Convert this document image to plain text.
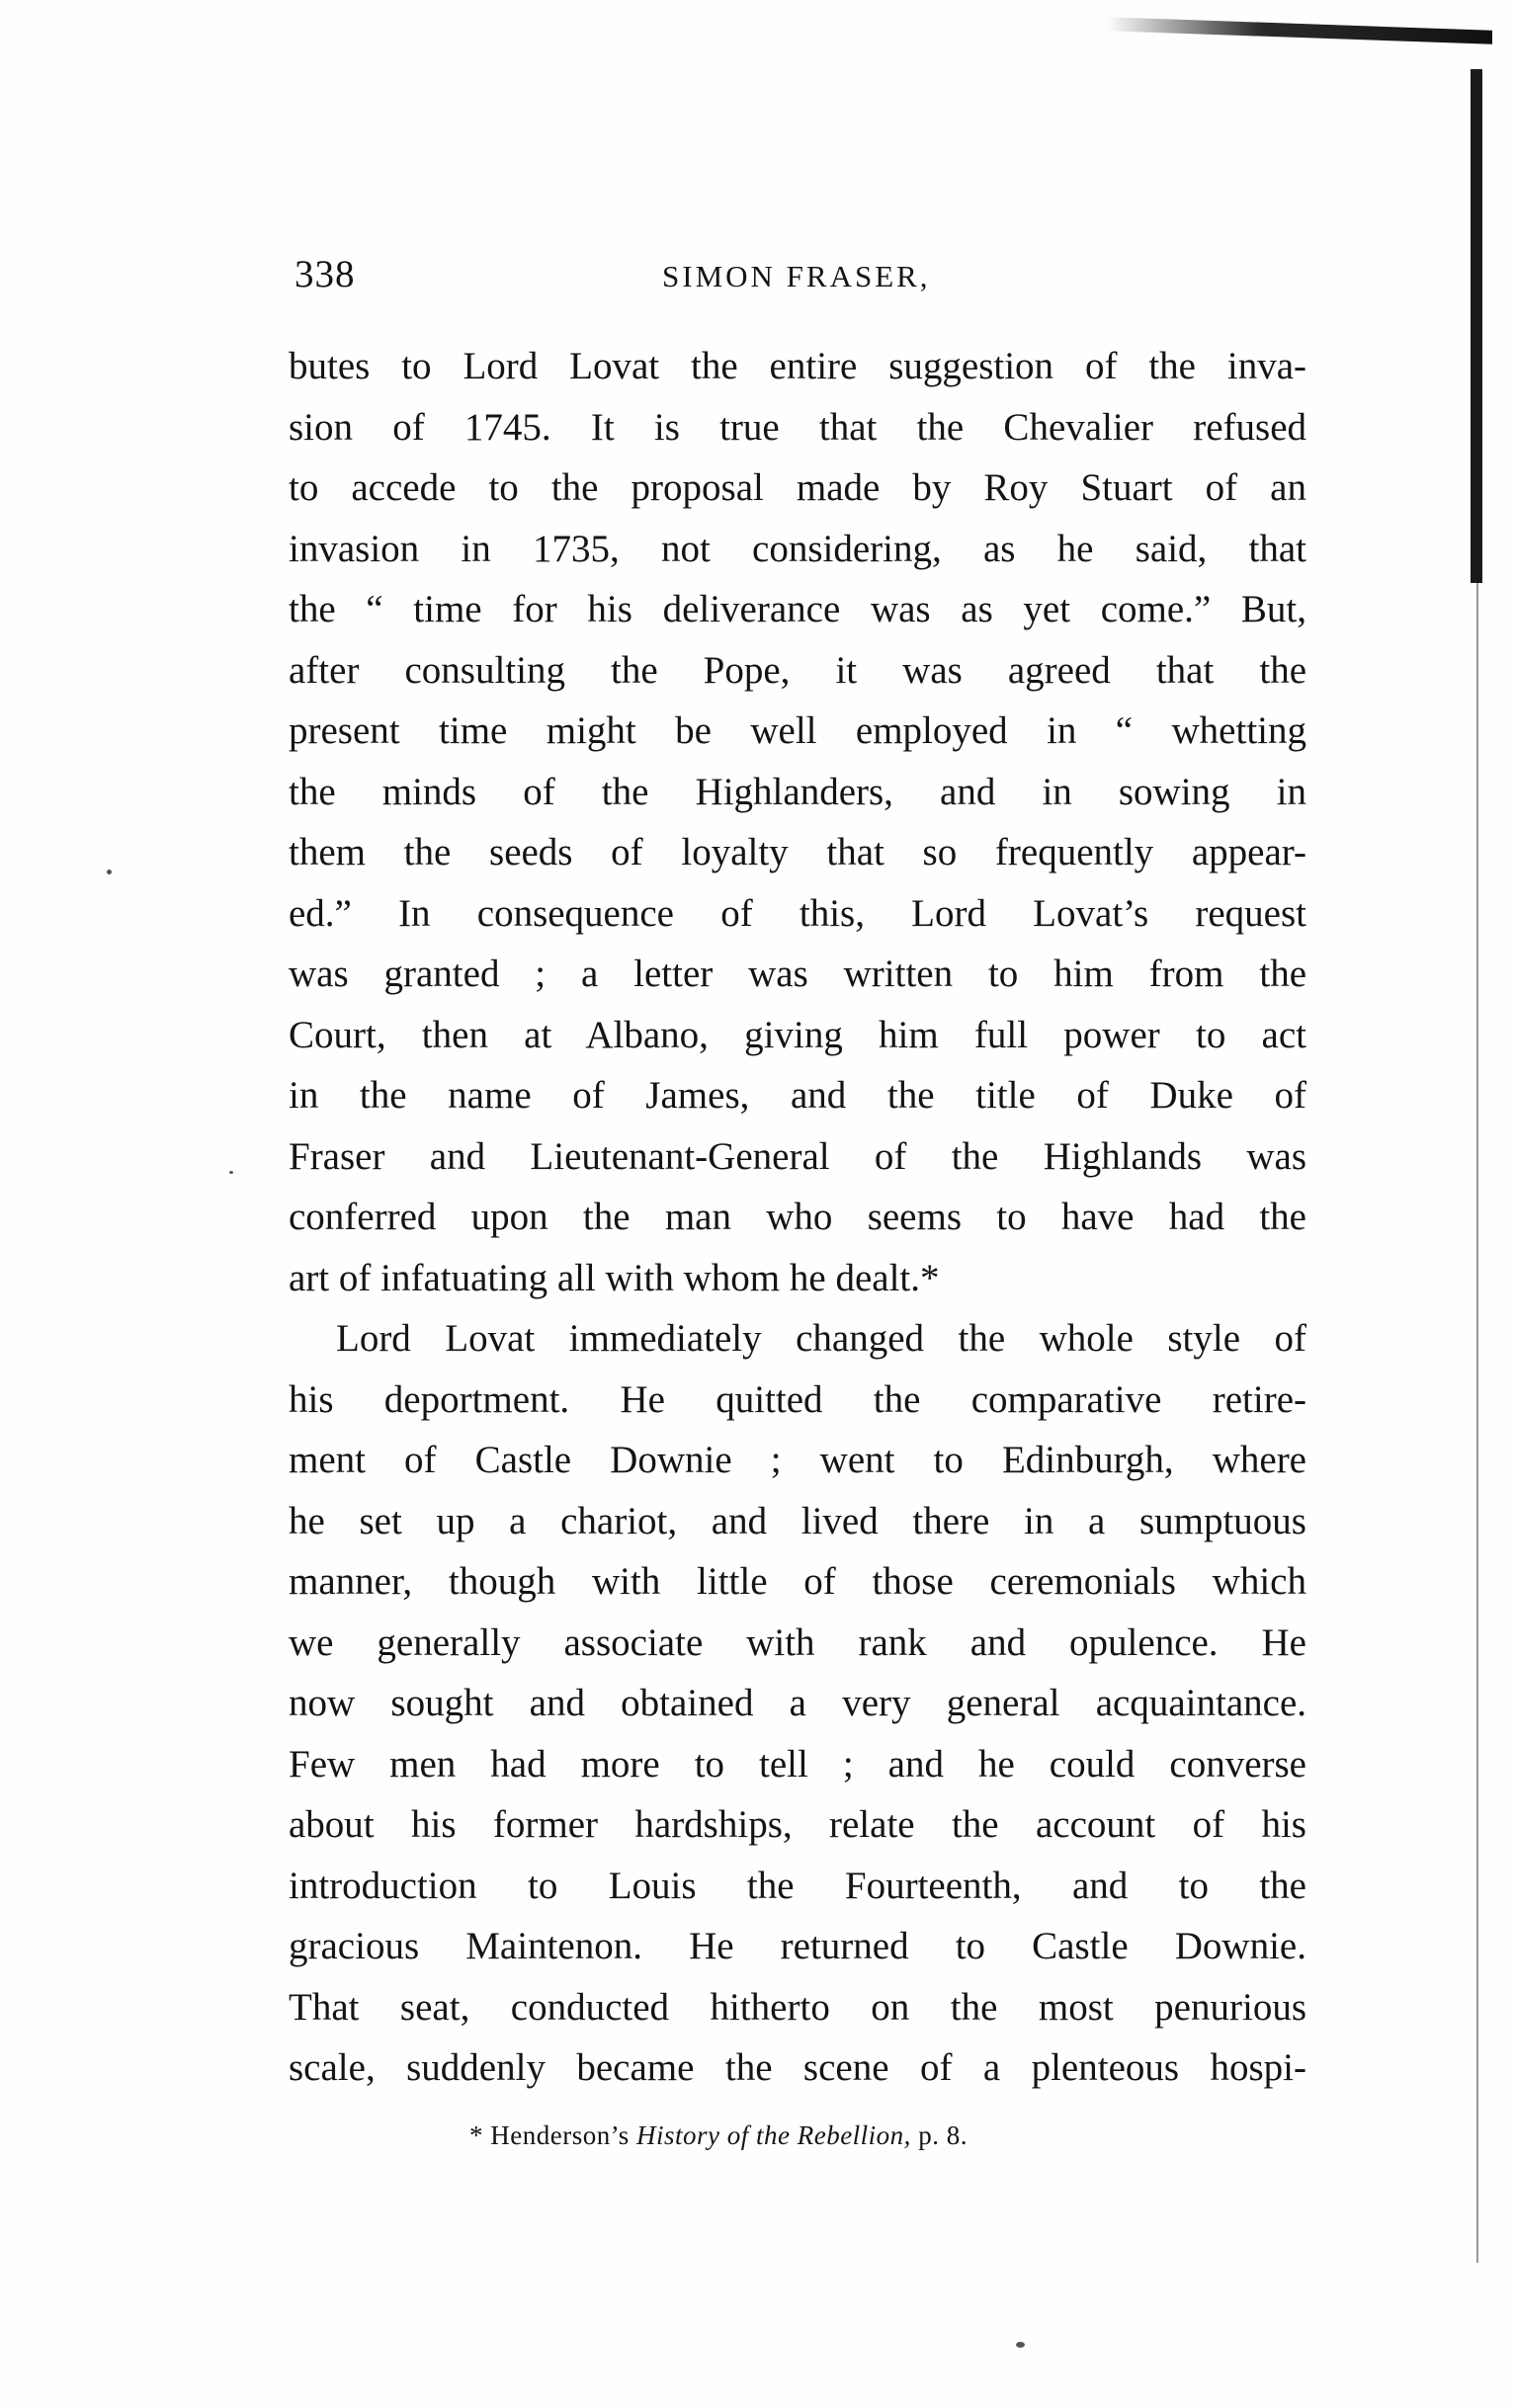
338	SIMON FRASER,
butes to Lord Lovat the entire suggestion of the inva-
sion of 1745. It is true that the Chevalier refused
to accede to the proposal made by Roy Stuart of an
invasion in 1735, not considering, as he said, that
the “ time for his deliverance was as yet come.” But,
after consulting the Pope, it was agreed that the
present time might be well employed in “ whetting
the minds of the Highlanders, and in sowing in
them the seeds of loyalty that so frequently appear-
ed.” In consequence of this, Lord Lovat’s request
was granted ; a letter was written to him from the
Court, then at Albano, giving him full power to act
in the name of James, and the title of Duke of
Fraser and Lieutenant-General of the Highlands was
conferred upon the man who seems to have had the
art of infatuating all with whom he dealt.*
Lord Lovat immediately changed the whole style of
his deportment. He quitted the comparative retire-
ment of Castle Downie ; went to Edinburgh, where
he set up a chariot, and lived there in a sumptuous
manner, though with little of those ceremonials which
we generally associate with rank and opulence. He
now sought and obtained a very general acquaintance.
Few men had more to tell ; and he could converse
about his former hardships, relate the account of his
introduction to Louis the Fourteenth, and to the
gracious Maintenon. He returned to Castle Downie.
That seat, conducted hitherto on the most penurious
scale, suddenly became the scene of a plenteous hospi-
* Henderson’s History of the Rebellion, p. 8.
